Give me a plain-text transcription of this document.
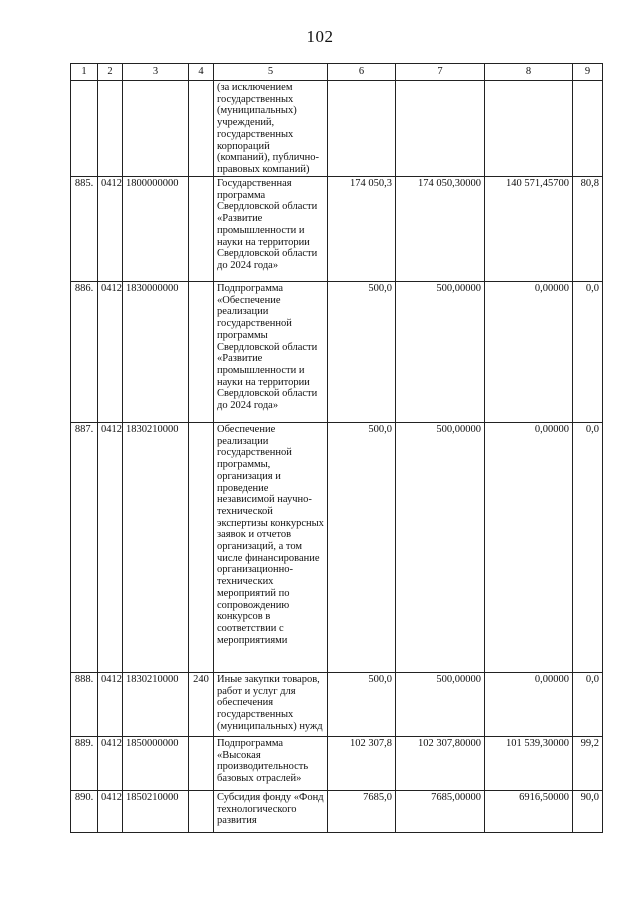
102
1	2	3	4	5	6	7	8	9
				(за исключением государственных (муниципальных) учреждений, государственных корпораций (компаний), публично-правовых компаний)				
885.	0412	1800000000		Государственная программа Свердловской области «Развитие промышленности и науки на территории Свердловской области до 2024 года»	174 050,3	174 050,30000	140 571,45700	80,8
886.	0412	1830000000		Подпрограмма «Обеспечение реализации государственной программы Свердловской области «Развитие промышленности и науки на территории Свердловской области до 2024 года»	500,0	500,00000	0,00000	0,0
887.	0412	1830210000		Обеспечение реализации государственной программы, организация и проведение независимой научно-технической экспертизы конкурсных заявок и отчетов организаций, а том числе финансирование организационно-технических мероприятий по сопровождению конкурсов в соответствии с мероприятиями	500,0	500,00000	0,00000	0,0
888.	0412	1830210000	240	Иные закупки товаров, работ и услуг для обеспечения государственных (муниципальных) нужд	500,0	500,00000	0,00000	0,0
889.	0412	1850000000		Подпрограмма «Высокая производительность базовых отраслей»	102 307,8	102 307,80000	101 539,30000	99,2
890.	0412	1850210000		Субсидия фонду «Фонд технологического развития	7685,0	7685,00000	6916,50000	90,0
